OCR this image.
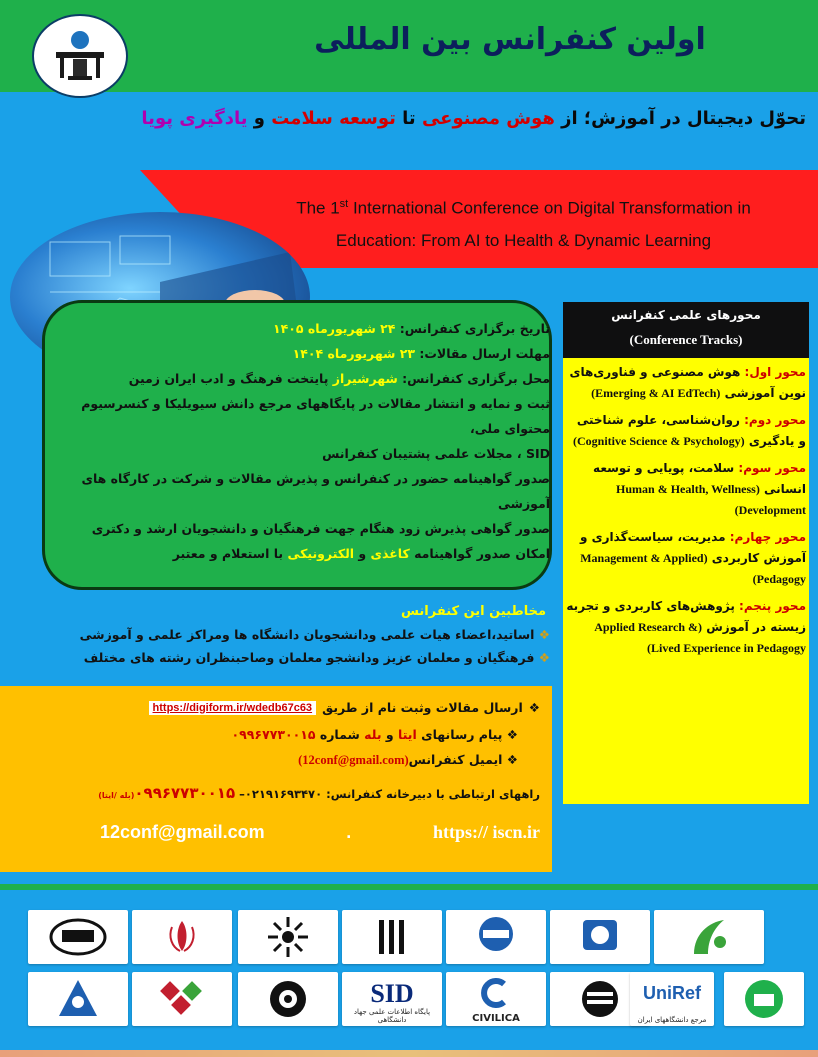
اولین کنفرانس بین المللی
تحوّل دیجیتال در آموزش؛ از هوش مصنوعی تا توسعه سلامت و یادگیری پویا
The 1st International Conference on Digital Transformation in
Education: From AI to Health & Dynamic Learning
تاریخ برگزاری کنفرانس: ۲۴ شهریورماه ۱۴۰۵
مهلت ارسال مقالات: ۲۳ شهریورماه ۱۴۰۴
محل برگزاری کنفرانس: شهرشیراز پایتخت فرهنگ و ادب ایران زمین
ثبت و نمایه و انتشار مقالات در پایگاههای مرجع دانش سیویلیکا و کنسرسیوم محتوای ملی،
SID ، مجلات علمی پشتیبان کنفرانس
صدور گواهینامه حضور در کنفرانس و پذیرش مقالات و شرکت در کارگاه های آموزشی
صدور گواهی پذیرش زود هنگام جهت فرهنگیان و دانشجویان ارشد و دکتری
امکان صدور گواهینامه کاغذی و الکترونیکی با استعلام و معتبر
مخاطبین این کنفرانس
❖ اساتید،اعضاء هیات علمی ودانشجویان دانشگاه ها ومراکز علمی و آموزشی
❖ فرهنگیان و معلمان عزیز ودانشجو معلمان وصاحبنظران رشته های مختلف
❖
ارسال مقالات وثبت نام از طریق
https://digiform.ir/wdedb67c63
❖ پیام رسانهای ایتا و بله شماره ۰۹۹۶۷۷۳۰۰۱۵
❖ ایمیل کنفرانس(12conf@gmail.com)
راههای ارتباطی با دبیرخانه کنفرانس: ۰۲۱۹۱۶۹۳۴۷۰– ۰۹۹۶۷۷۳۰۰۱۵(بله /ایتا)
12conf@gmail.com	.	https:// iscn.ir
محورهای علمی کنفرانس
(Conference Tracks)
محور اول: هوش مصنوعی و فناوری‌های نوین آموزشی (Emerging & AI EdTech)
محور دوم: روان‌شناسی، علوم شناختی و یادگیری (Cognitive Science & Psychology)
محور سوم: سلامت، پویایی و توسعه انسانی (Human & Health, Wellness Development)
محور چهارم: مدیریت، سیاست‌گذاری و آموزش کاربردی (Management & Applied Pedagogy)
محور پنجم: پژوهش‌های کاربردی و تجربه زیسته در آموزش (Applied Research & Lived Experience in Pedagogy)
SID
پایگاه اطلاعات علمی جهاد دانشگاهی	CIVILICA
UniRef
مرجع دانشگاههای ایران
